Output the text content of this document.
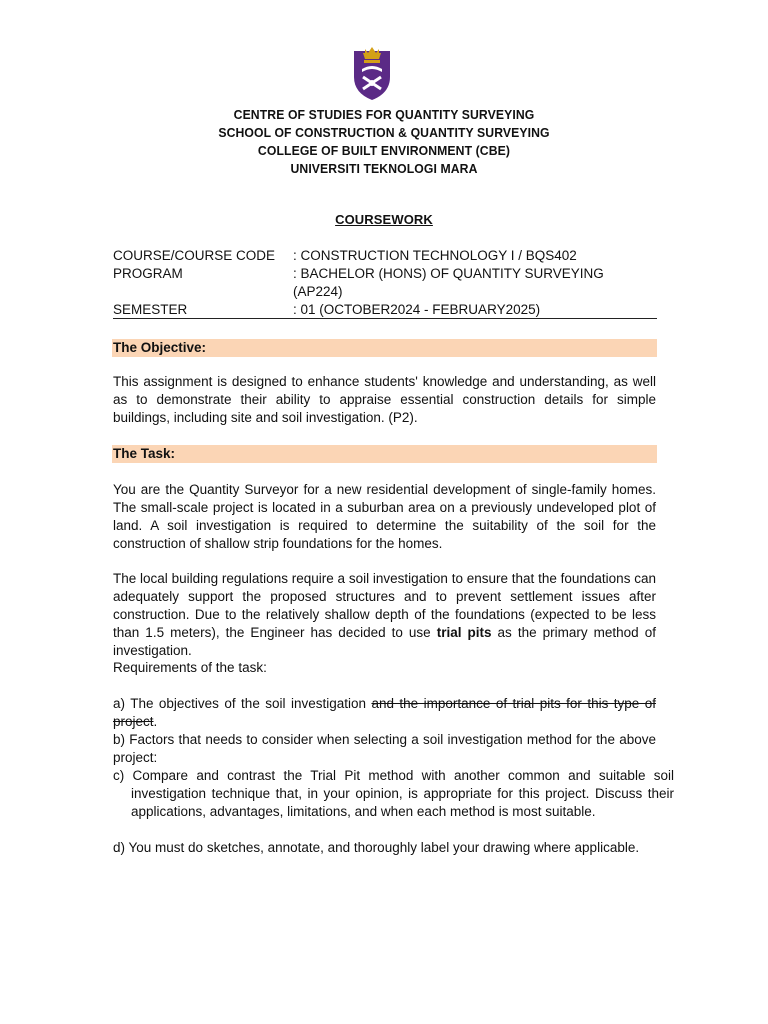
CENTRE OF STUDIES FOR QUANTITY SURVEYING
SCHOOL OF CONSTRUCTION & QUANTITY SURVEYING
COLLEGE OF BUILT ENVIRONMENT (CBE)
UNIVERSITI TEKNOLOGI MARA
COURSEWORK
COURSE/COURSE CODE	: CONSTRUCTION TECHNOLOGY I / BQS402
PROGRAM	: BACHELOR (HONS) OF QUANTITY SURVEYING (AP224)
SEMESTER	: 01 (OCTOBER2024 - FEBRUARY2025)
The Objective:
This assignment is designed to enhance students' knowledge and understanding, as well as to demonstrate their ability to appraise essential construction details for simple buildings, including site and soil investigation. (P2).
The Task:
You are the Quantity Surveyor for a new residential development of single-family homes. The small-scale project is located in a suburban area on a previously undeveloped plot of land. A soil investigation is required to determine the suitability of the soil for the construction of shallow strip foundations for the homes.
The local building regulations require a soil investigation to ensure that the foundations can adequately support the proposed structures and to prevent settlement issues after construction. Due to the relatively shallow depth of the foundations (expected to be less than 1.5 meters), the Engineer has decided to use trial pits as the primary method of investigation.
Requirements of the task:
a) The objectives of the soil investigation and the importance of trial pits for this type of project.
b) Factors that needs to consider when selecting a soil investigation method for the above project:
c) Compare and contrast the Trial Pit method with another common and suitable soil investigation technique that, in your opinion, is appropriate for this project. Discuss their applications, advantages, limitations, and when each method is most suitable.
d) You must do sketches, annotate, and thoroughly label your drawing where applicable.
